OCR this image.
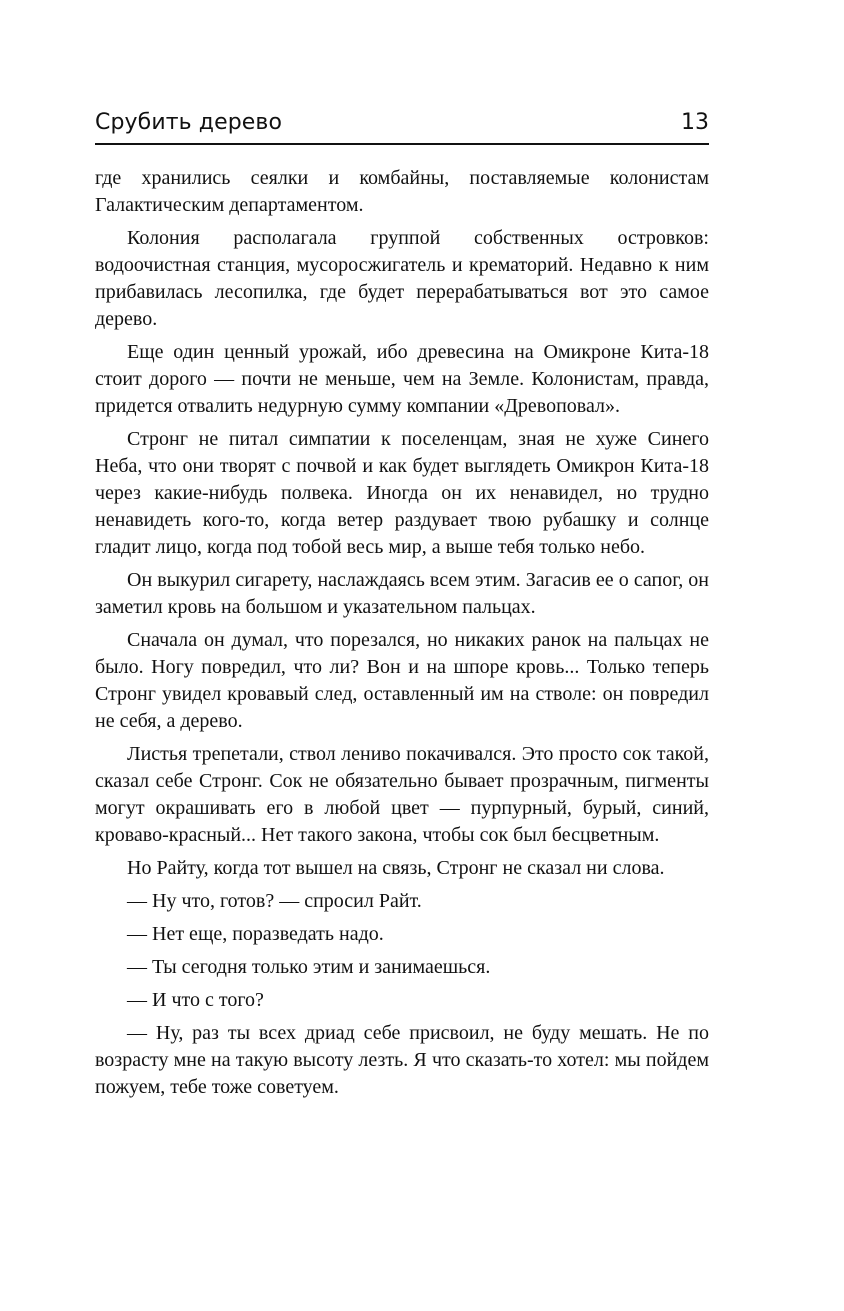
Срубить дерево	13

где хранились сеялки и комбайны, поставляемые колонистам Галактическим департаментом.

Колония располагала группой собственных островков: водоочистная станция, мусоросжигатель и крематорий. Недавно к ним прибавилась лесопилка, где будет перерабатываться вот это самое дерево.

Еще один ценный урожай, ибо древесина на Омикроне Кита-18 стоит дорого — почти не меньше, чем на Земле. Колонистам, правда, придется отвалить недурную сумму компании «Древоповал».

Стронг не питал симпатии к поселенцам, зная не хуже Синего Неба, что они творят с почвой и как будет выглядеть Омикрон Кита-18 через какие-нибудь полвека. Иногда он их ненавидел, но трудно ненавидеть кого-то, когда ветер раздувает твою рубашку и солнце гладит лицо, когда под тобой весь мир, а выше тебя только небо.

Он выкурил сигарету, наслаждаясь всем этим. Загасив ее о сапог, он заметил кровь на большом и указательном пальцах.

Сначала он думал, что порезался, но никаких ранок на пальцах не было. Ногу повредил, что ли? Вон и на шпоре кровь... Только теперь Стронг увидел кровавый след, оставленный им на стволе: он повредил не себя, а дерево.

Листья трепетали, ствол лениво покачивался. Это просто сок такой, сказал себе Стронг. Сок не обязательно бывает прозрачным, пигменты могут окрашивать его в любой цвет — пурпурный, бурый, синий, кроваво-красный... Нет такого закона, чтобы сок был бесцветным.

Но Райту, когда тот вышел на связь, Стронг не сказал ни слова.

— Ну что, готов? — спросил Райт.

— Нет еще, поразведать надо.

— Ты сегодня только этим и занимаешься.

— И что с того?

— Ну, раз ты всех дриад себе присвоил, не буду мешать. Не по возрасту мне на такую высоту лезть. Я что сказать-то хотел: мы пойдем пожуем, тебе тоже советуем.
